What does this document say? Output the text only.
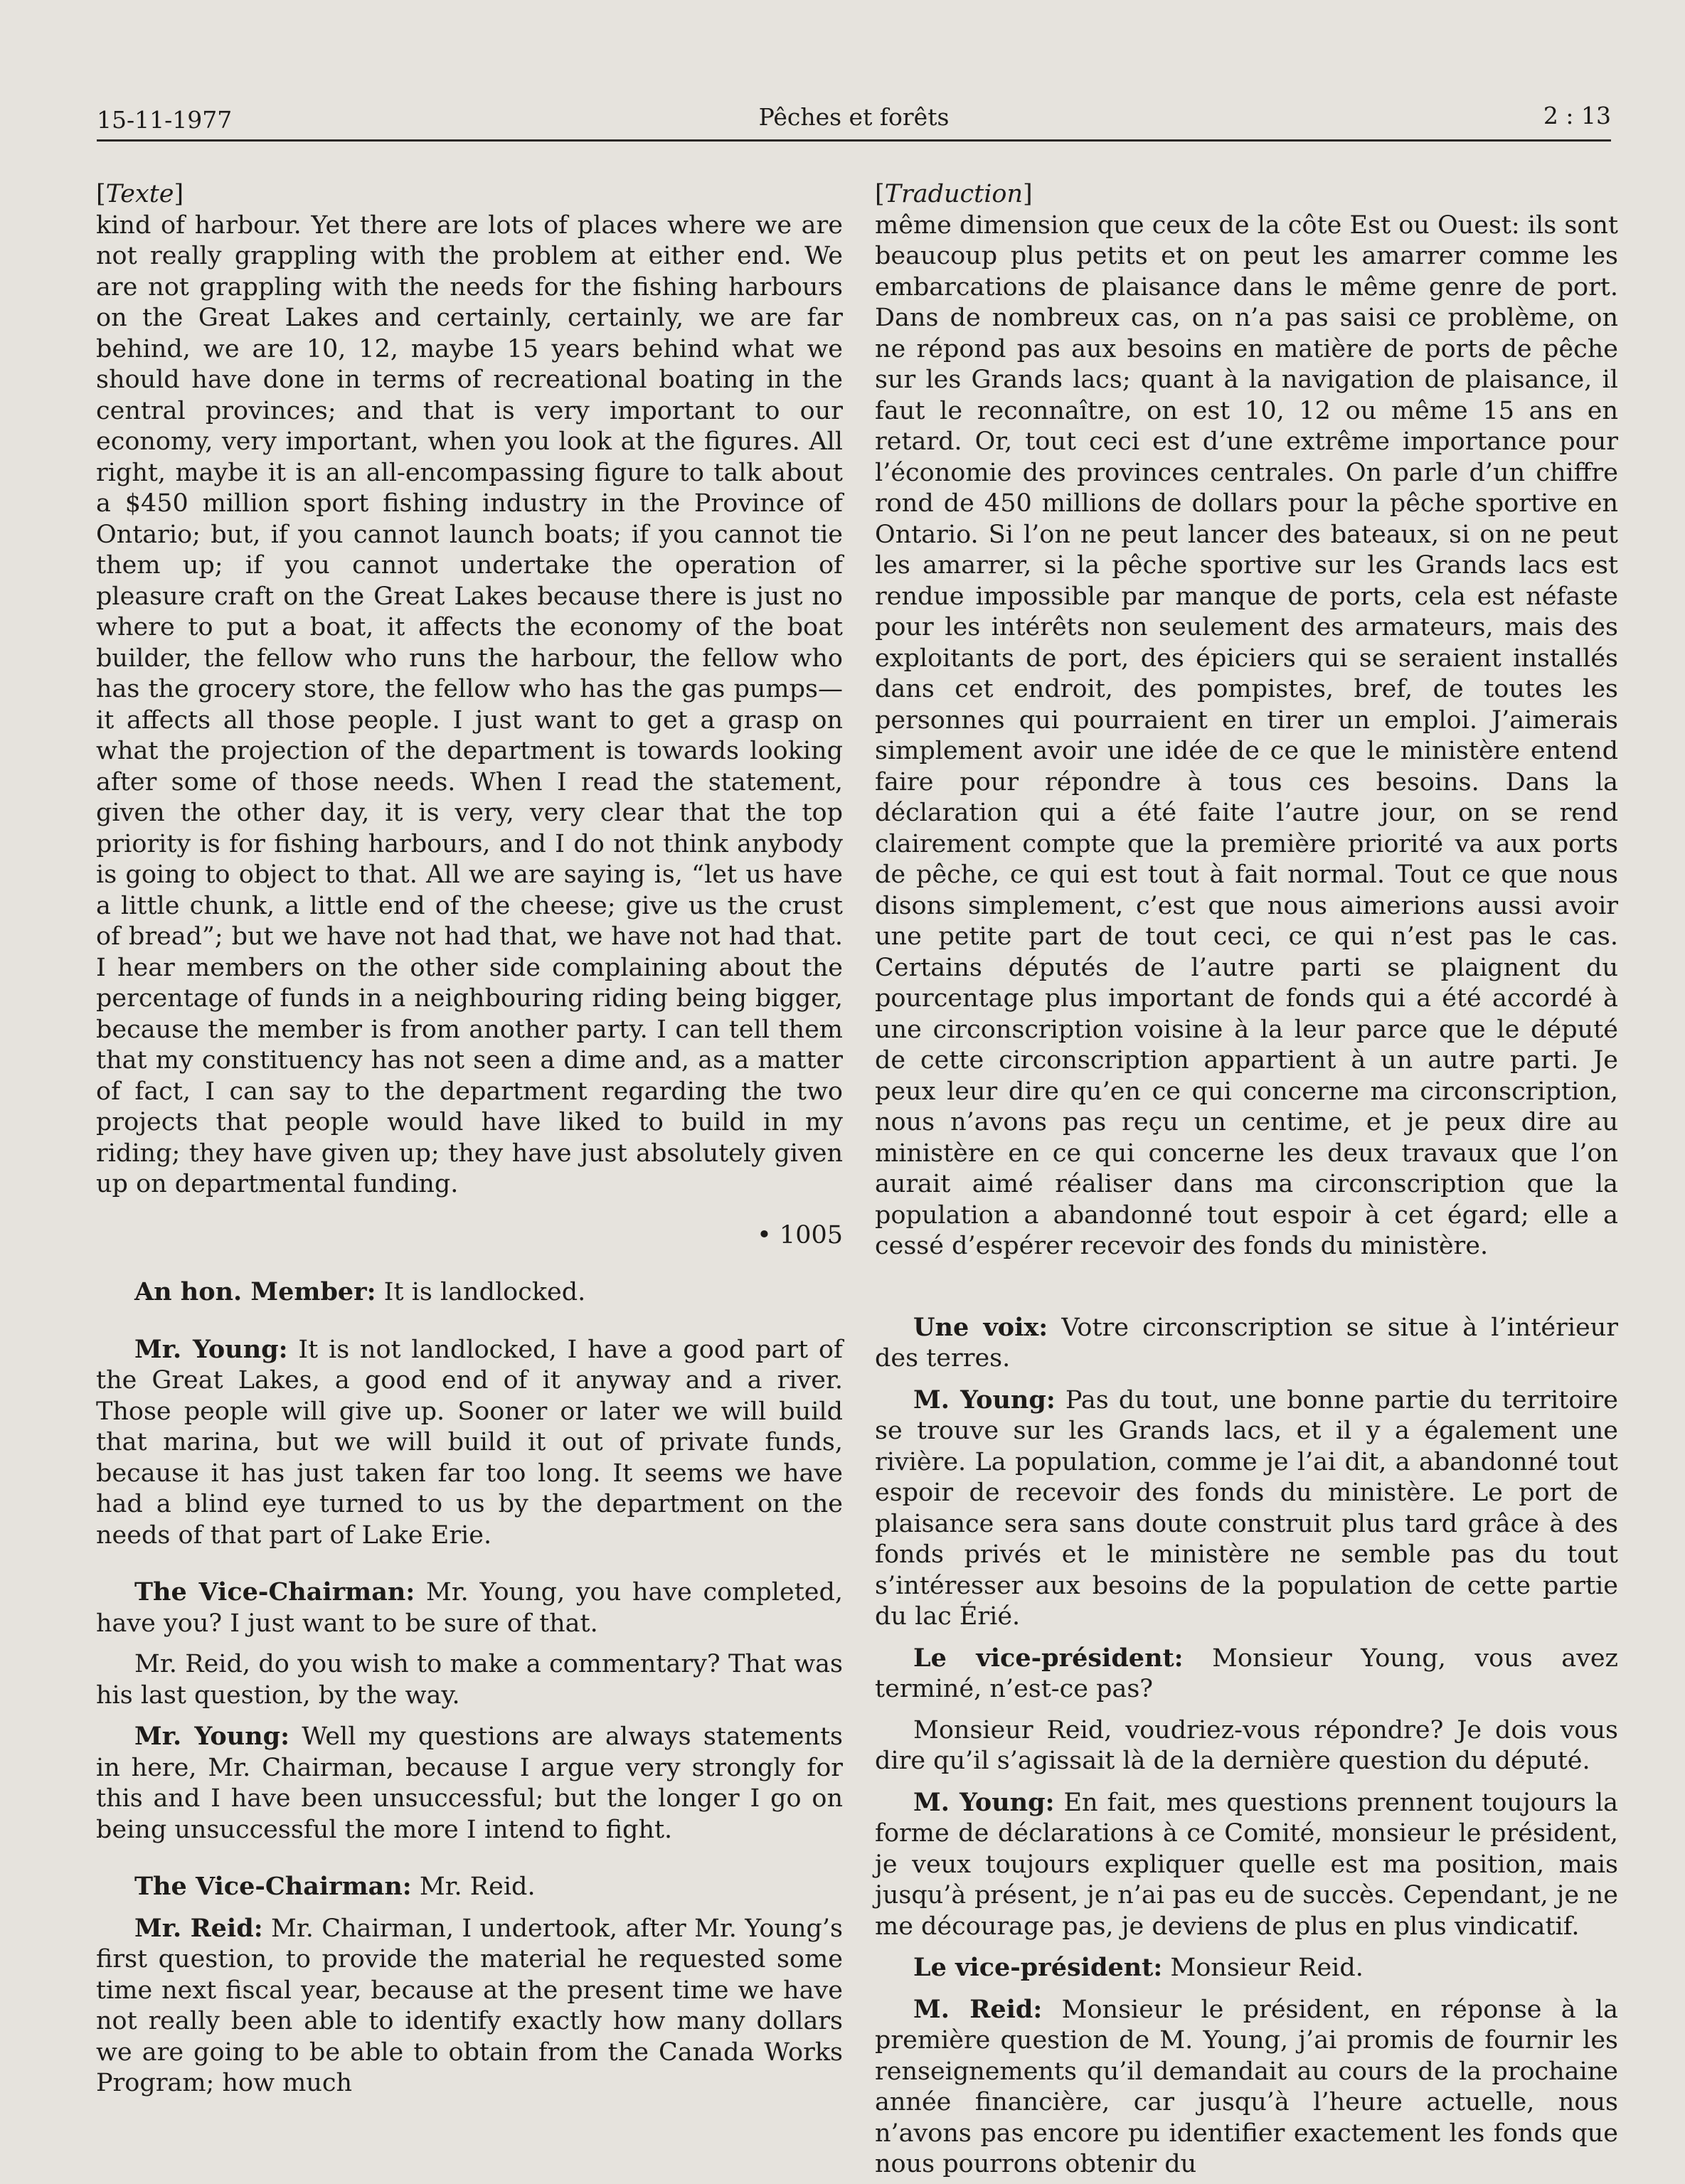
15-11-1977	Pêches et forêts	2 : 13

[Texte]

kind of harbour. Yet there are lots of places where we are not really grappling with the problem at either end. We are not grappling with the needs for the fishing harbours on the Great Lakes and certainly, certainly, we are far behind, we are 10, 12, maybe 15 years behind what we should have done in terms of recreational boating in the central provinces; and that is very important to our economy, very important, when you look at the figures. All right, maybe it is an all-encompassing figure to talk about a $450 million sport fishing industry in the Province of Ontario; but, if you cannot launch boats; if you cannot tie them up; if you cannot undertake the operation of pleasure craft on the Great Lakes because there is just no where to put a boat, it affects the economy of the boat builder, the fellow who runs the harbour, the fellow who has the grocery store, the fellow who has the gas pumps—it affects all those people. I just want to get a grasp on what the projection of the department is towards looking after some of those needs. When I read the statement, given the other day, it is very, very clear that the top priority is for fishing harbours, and I do not think anybody is going to object to that. All we are saying is, “let us have a little chunk, a little end of the cheese; give us the crust of bread”; but we have not had that, we have not had that. I hear members on the other side complaining about the percentage of funds in a neighbouring riding being bigger, because the member is from another party. I can tell them that my constituency has not seen a dime and, as a matter of fact, I can say to the department regarding the two projects that people would have liked to build in my riding; they have given up; they have just absolutely given up on departmental funding.

• 1005

An hon. Member: It is landlocked.

Mr. Young: It is not landlocked, I have a good part of the Great Lakes, a good end of it anyway and a river. Those people will give up. Sooner or later we will build that marina, but we will build it out of private funds, because it has just taken far too long. It seems we have had a blind eye turned to us by the department on the needs of that part of Lake Erie.

The Vice-Chairman: Mr. Young, you have completed, have you? I just want to be sure of that.

Mr. Reid, do you wish to make a commentary? That was his last question, by the way.

Mr. Young: Well my questions are always statements in here, Mr. Chairman, because I argue very strongly for this and I have been unsuccessful; but the longer I go on being unsuccessful the more I intend to fight.

The Vice-Chairman: Mr. Reid.

Mr. Reid: Mr. Chairman, I undertook, after Mr. Young’s first question, to provide the material he requested some time next fiscal year, because at the present time we have not really been able to identify exactly how many dollars we are going to be able to obtain from the Canada Works Program; how much

[Traduction]

même dimension que ceux de la côte Est ou Ouest: ils sont beaucoup plus petits et on peut les amarrer comme les embarcations de plaisance dans le même genre de port. Dans de nombreux cas, on n’a pas saisi ce problème, on ne répond pas aux besoins en matière de ports de pêche sur les Grands lacs; quant à la navigation de plaisance, il faut le reconnaître, on est 10, 12 ou même 15 ans en retard. Or, tout ceci est d’une extrême importance pour l’économie des provinces centrales. On parle d’un chiffre rond de 450 millions de dollars pour la pêche sportive en Ontario. Si l’on ne peut lancer des bateaux, si on ne peut les amarrer, si la pêche sportive sur les Grands lacs est rendue impossible par manque de ports, cela est néfaste pour les intérêts non seulement des armateurs, mais des exploitants de port, des épiciers qui se seraient installés dans cet endroit, des pompistes, bref, de toutes les personnes qui pourraient en tirer un emploi. J’aimerais simplement avoir une idée de ce que le ministère entend faire pour répondre à tous ces besoins. Dans la déclaration qui a été faite l’autre jour, on se rend clairement compte que la première priorité va aux ports de pêche, ce qui est tout à fait normal. Tout ce que nous disons simplement, c’est que nous aimerions aussi avoir une petite part de tout ceci, ce qui n’est pas le cas. Certains députés de l’autre parti se plaignent du pourcentage plus important de fonds qui a été accordé à une circonscription voisine à la leur parce que le député de cette circonscription appartient à un autre parti. Je peux leur dire qu’en ce qui concerne ma circonscription, nous n’avons pas reçu un centime, et je peux dire au ministère en ce qui concerne les deux travaux que l’on aurait aimé réaliser dans ma circonscription que la population a abandonné tout espoir à cet égard; elle a cessé d’espérer recevoir des fonds du ministère.

Une voix: Votre circonscription se situe à l’intérieur des terres.

M. Young: Pas du tout, une bonne partie du territoire se trouve sur les Grands lacs, et il y a également une rivière. La population, comme je l’ai dit, a abandonné tout espoir de recevoir des fonds du ministère. Le port de plaisance sera sans doute construit plus tard grâce à des fonds privés et le ministère ne semble pas du tout s’intéresser aux besoins de la population de cette partie du lac Érié.

Le vice-président: Monsieur Young, vous avez terminé, n’est-ce pas?

Monsieur Reid, voudriez-vous répondre? Je dois vous dire qu’il s’agissait là de la dernière question du député.

M. Young: En fait, mes questions prennent toujours la forme de déclarations à ce Comité, monsieur le président, je veux toujours expliquer quelle est ma position, mais jusqu’à présent, je n’ai pas eu de succès. Cependant, je ne me décourage pas, je deviens de plus en plus vindicatif.

Le vice-président: Monsieur Reid.

M. Reid: Monsieur le président, en réponse à la première question de M. Young, j’ai promis de fournir les renseignements qu’il demandait au cours de la prochaine année financière, car jusqu’à l’heure actuelle, nous n’avons pas encore pu identifier exactement les fonds que nous pourrons obtenir du
